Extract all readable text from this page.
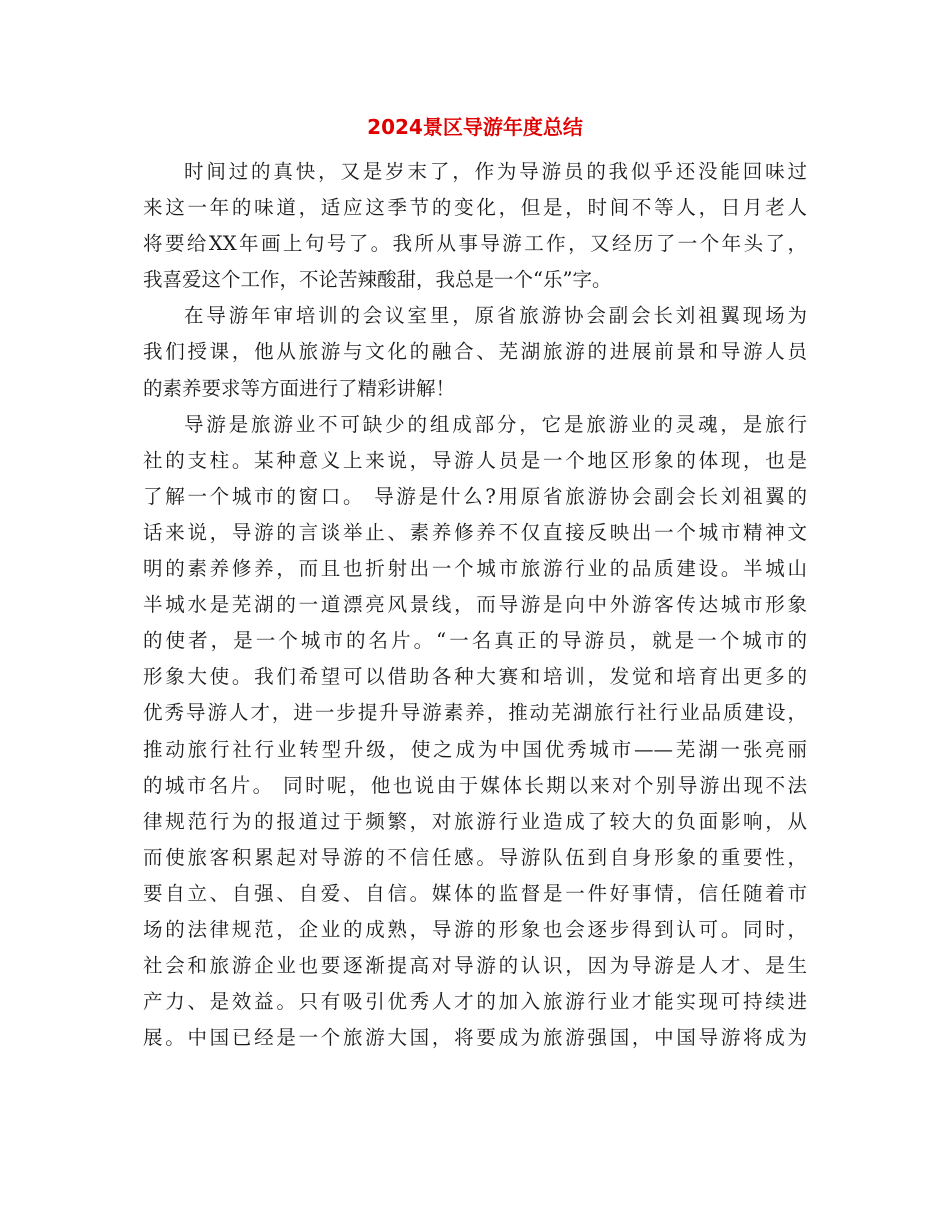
2024景区导游年度总结

时间过的真快，又是岁末了，作为导游员的我似乎还没能回味过
来这一年的味道，适应这季节的变化，但是，时间不等人，日月老人
将要给XX年画上句号了。我所从事导游工作，又经历了一个年头了，
我喜爱这个工作，不论苦辣酸甜，我总是一个“乐”字。

在导游年审培训的会议室里，原省旅游协会副会长刘祖翼现场为
我们授课，他从旅游与文化的融合、芜湖旅游的进展前景和导游人员
的素养要求等方面进行了精彩讲解！

导游是旅游业不可缺少的组成部分，它是旅游业的灵魂，是旅行
社的支柱。某种意义上来说，导游人员是一个地区形象的体现，也是
了解一个城市的窗口。 导游是什么?用原省旅游协会副会长刘祖翼的
话来说，导游的言谈举止、素养修养不仅直接反映出一个城市精神文
明的素养修养，而且也折射出一个城市旅游行业的品质建设。半城山
半城水是芜湖的一道漂亮风景线，而导游是向中外游客传达城市形象
的使者，是一个城市的名片。“一名真正的导游员，就是一个城市的
形象大使。我们希望可以借助各种大赛和培训，发觉和培育出更多的
优秀导游人才，进一步提升导游素养，推动芜湖旅行社行业品质建设，
推动旅行社行业转型升级，使之成为中国优秀城市——芜湖一张亮丽
的城市名片。 同时呢，他也说由于媒体长期以来对个别导游出现不法
律规范行为的报道过于频繁，对旅游行业造成了较大的负面影响，从
而使旅客积累起对导游的不信任感。导游队伍到自身形象的重要性，
要自立、自强、自爱、自信。媒体的监督是一件好事情，信任随着市
场的法律规范，企业的成熟，导游的形象也会逐步得到认可。同时，
社会和旅游企业也要逐渐提高对导游的认识，因为导游是人才、是生
产力、是效益。只有吸引优秀人才的加入旅游行业才能实现可持续进
展。中国已经是一个旅游大国，将要成为旅游强国，中国导游将成为
